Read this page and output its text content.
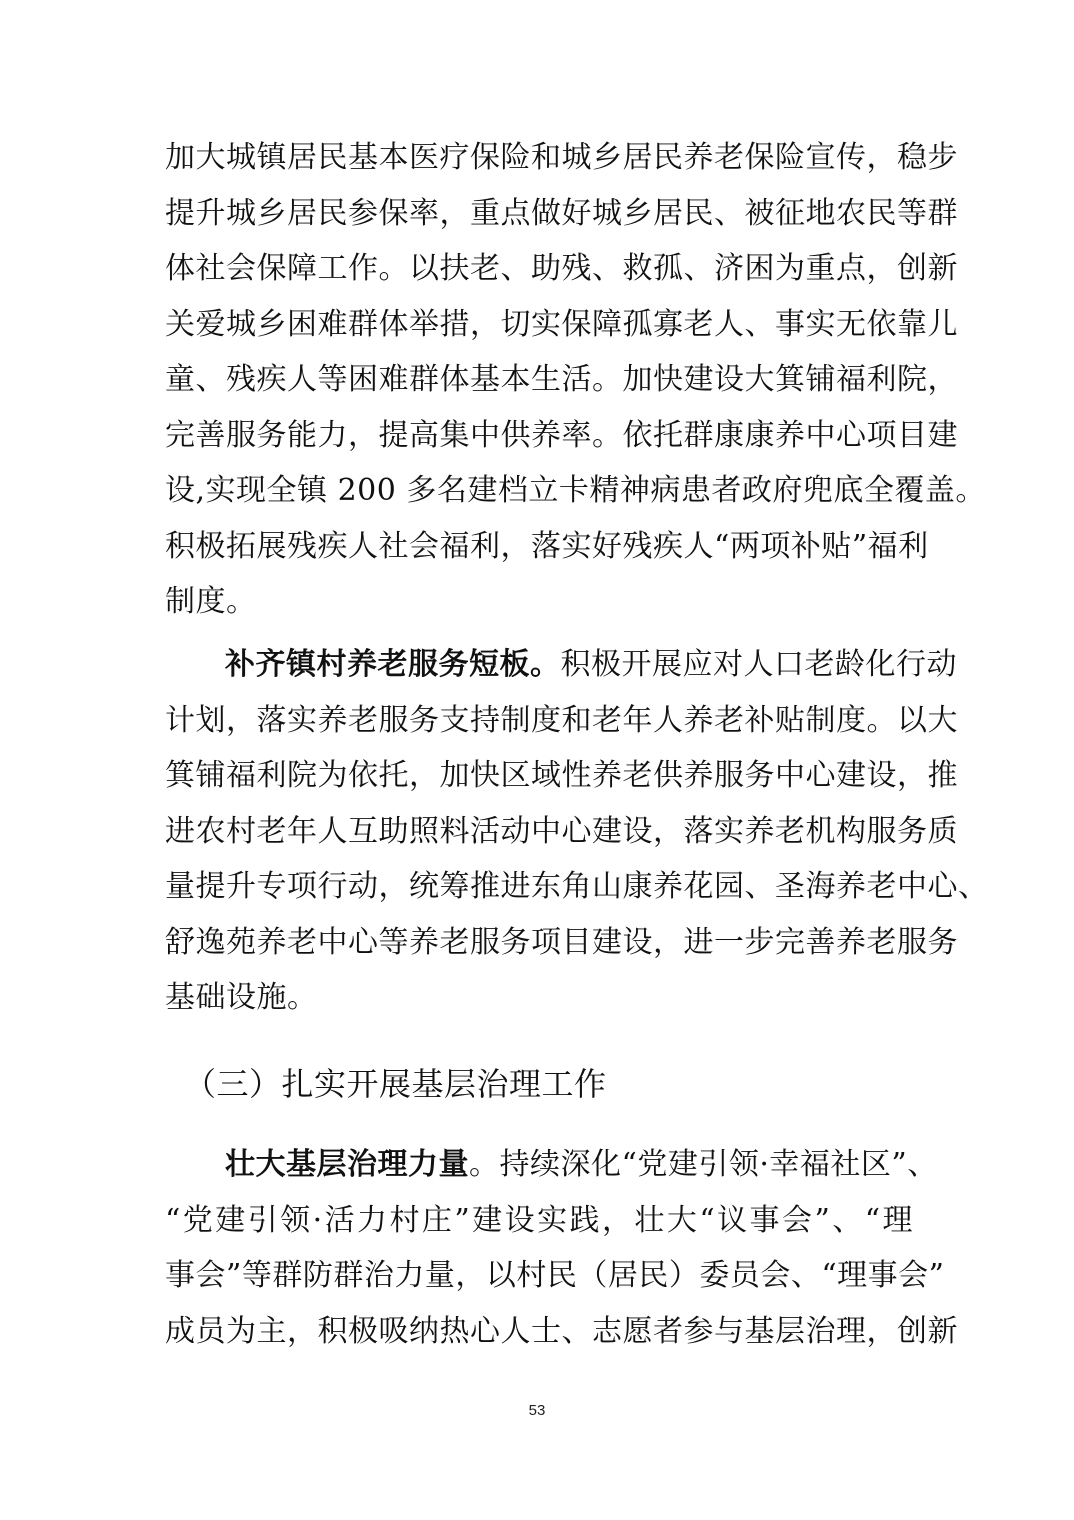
加大城镇居民基本医疗保险和城乡居民养老保险宣传，稳步
提升城乡居民参保率，重点做好城乡居民、被征地农民等群
体社会保障工作。以扶老、助残、救孤、济困为重点，创新
关爱城乡困难群体举措，切实保障孤寡老人、事实无依靠儿
童、残疾人等困难群体基本生活。加快建设大箕铺福利院，
完善服务能力，提高集中供养率。依托群康康养中心项目建
设,实现全镇 200 多名建档立卡精神病患者政府兜底全覆盖。
积极拓展残疾人社会福利，落实好残疾人“两项补贴”福利
制度。
补齐镇村养老服务短板。积极开展应对人口老龄化行动
计划，落实养老服务支持制度和老年人养老补贴制度。以大
箕铺福利院为依托，加快区域性养老供养服务中心建设，推
进农村老年人互助照料活动中心建设，落实养老机构服务质
量提升专项行动，统筹推进东角山康养花园、圣海养老中心、
舒逸苑养老中心等养老服务项目建设，进一步完善养老服务
基础设施。
（三）扎实开展基层治理工作
壮大基层治理力量。持续深化“党建引领·幸福社区”、
“党建引领·活力村庄”建设实践，壮大“议事会”、“理
事会”等群防群治力量，以村民（居民）委员会、“理事会”
成员为主，积极吸纳热心人士、志愿者参与基层治理，创新
53
